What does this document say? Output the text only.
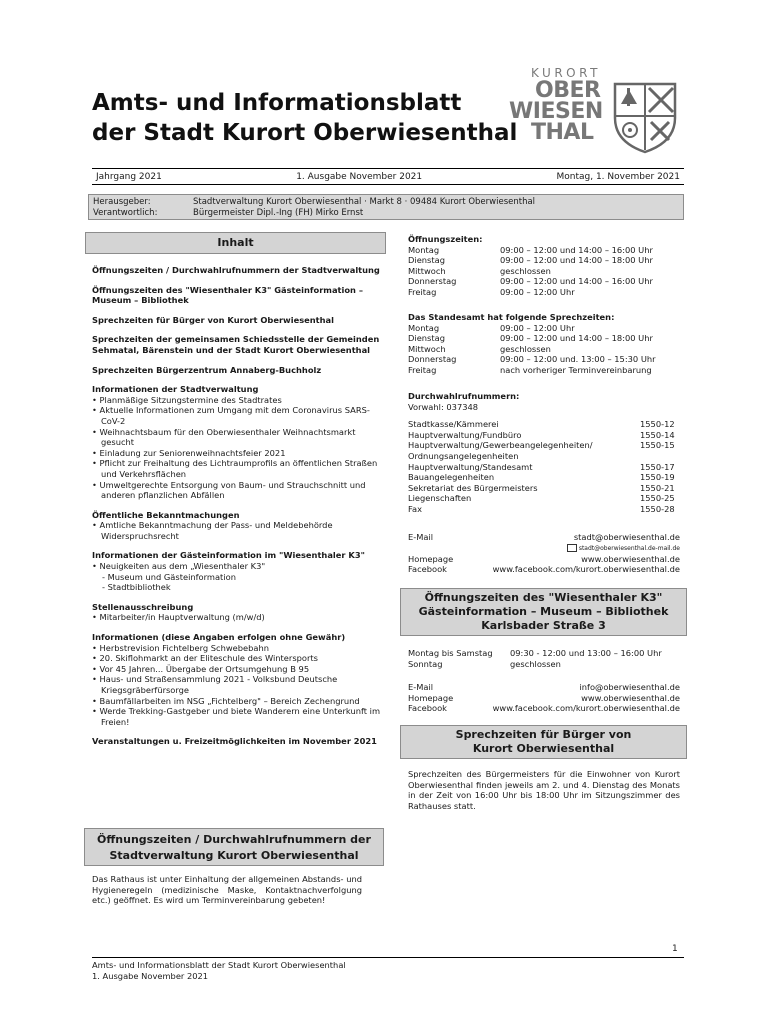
Amts- und Informationsblatt
der Stadt Kurort Oberwiesenthal
KURORT
OBER
WIESEN
THAL
Jahrgang 2021	1. Ausgabe November 2021	Montag, 1. November 2021
Herausgeber:	Stadtverwaltung Kurort Oberwiesenthal · Markt 8 · 09484 Kurort Oberwiesenthal
Verantwortlich:	Bürgermeister Dipl.-Ing (FH) Mirko Ernst
Inhalt
Öffnungszeiten / Durchwahlrufnummern der Stadtverwaltung
Öffnungszeiten des "Wiesenthaler K3" Gästeinformation – Museum – Bibliothek
Sprechzeiten für Bürger von Kurort Oberwiesenthal
Sprechzeiten der gemeinsamen Schiedsstelle der Gemeinden Sehmatal, Bärenstein und der Stadt Kurort Oberwiesenthal
Sprechzeiten Bürgerzentrum Annaberg-Buchholz
Informationen der Stadtverwaltung
• Planmäßige Sitzungstermine des Stadtrates
• Aktuelle Informationen zum Umgang mit dem Coronavirus SARS-CoV-2
• Weihnachtsbaum für den Oberwiesenthaler Weihnachtsmarkt gesucht
• Einladung zur Seniorenweihnachtsfeier 2021
• Pflicht zur Freihaltung des Lichtraumprofils an öffentlichen Straßen und Verkehrsflächen
• Umweltgerechte Entsorgung von Baum- und Strauchschnitt und anderen pflanzlichen Abfällen
Öffentliche Bekanntmachungen
• Amtliche Bekanntmachung der Pass- und Meldebehörde Widerspruchsrecht
Informationen der Gästeinformation im "Wiesenthaler K3"
• Neuigkeiten aus dem „Wiesenthaler K3"
- Museum und Gästeinformation
- Stadtbibliothek
Stellenausschreibung
• Mitarbeiter/in Hauptverwaltung (m/w/d)
Informationen (diese Angaben erfolgen ohne Gewähr)
• Herbstrevision Fichtelberg Schwebebahn
• 20. Skiflohmarkt an der Eliteschule des Wintersports
• Vor 45 Jahren... Übergabe der Ortsumgehung B 95
• Haus- und Straßensammlung 2021 - Volksbund Deutsche Kriegsgräberfürsorge
• Baumfällarbeiten im NSG „Fichtelberg" – Bereich Zechengrund
• Werde Trekking-Gastgeber und biete Wanderern eine Unterkunft im Freien!
Veranstaltungen u. Freizeitmöglichkeiten im November 2021
Öffnungszeiten / Durchwahlrufnummern der
Stadtverwaltung Kurort Oberwiesenthal
Das Rathaus ist unter Einhaltung der allgemeinen Abstands- und Hygieneregeln (medizinische Maske, Kontaktnachverfolgung etc.) geöffnet. Es wird um Terminvereinbarung gebeten!
Öffnungszeiten:
Montag	09:00 – 12:00 und 14:00 – 16:00 Uhr
Dienstag	09:00 – 12:00 und 14:00 – 18:00 Uhr
Mittwoch	geschlossen
Donnerstag	09:00 – 12:00 und 14:00 – 16:00 Uhr
Freitag	09:00 – 12:00 Uhr
Das Standesamt hat folgende Sprechzeiten:
Montag	09:00 – 12:00 Uhr
Dienstag	09:00 – 12:00 und 14:00 – 18:00 Uhr
Mittwoch	geschlossen
Donnerstag	09:00 – 12:00 und. 13:00 – 15:30 Uhr
Freitag	nach vorheriger Terminvereinbarung
Durchwahlrufnummern:
Vorwahl: 037348
Stadtkasse/Kämmerei	1550-12
Hauptverwaltung/Fundbüro	1550-14
Hauptverwaltung/Gewerbeangelegenheiten/	1550-15
Ordnungsangelegenheiten
Hauptverwaltung/Standesamt	1550-17
Bauangelegenheiten	1550-19
Sekretariat des Bürgermeisters	1550-21
Liegenschaften	1550-25
Fax	1550-28
E-Mail	stadt@oberwiesenthal.de
stadt@oberwiesenthal.de-mail.de
Homepage	www.oberwiesenthal.de
Facebook	www.facebook.com/kurort.oberwiesenthal.de
Öffnungszeiten des "Wiesenthaler K3"
Gästeinformation – Museum – Bibliothek
Karlsbader Straße 3
Montag bis Samstag	09:30 - 12:00 und 13:00 – 16:00 Uhr
Sonntag	geschlossen
E-Mail	info@oberwiesenthal.de
Homepage	www.oberwiesenthal.de
Facebook	www.facebook.com/kurort.oberwiesenthal.de
Sprechzeiten für Bürger von
Kurort Oberwiesenthal
Sprechzeiten des Bürgermeisters für die Einwohner von Kurort Oberwiesenthal finden jeweils am 2. und 4. Dienstag des Monats in der Zeit von 16:00 Uhr bis 18:00 Uhr im Sitzungszimmer des Rathauses statt.
1
Amts- und Informationsblatt der Stadt Kurort Oberwiesenthal
1. Ausgabe November 2021
